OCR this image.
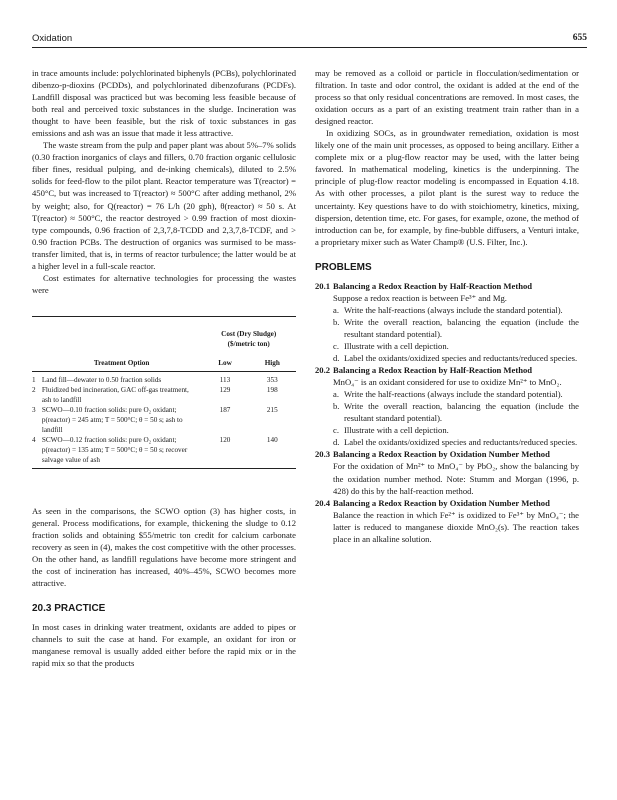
Oxidation	655

in trace amounts include: polychlorinated biphenyls (PCBs), polychlorinated dibenzo-p-dioxins (PCDDs), and polychlorinated dibenzofurans (PCDFs). Landfill disposal was practiced but was becoming less feasible because of both real and perceived toxic substances in the sludge. Incineration was thought to have been feasible, but the risk of toxic substances in gas emissions and ash was an issue that made it less attractive.

The waste stream from the pulp and paper plant was about 5%–7% solids (0.30 fraction inorganics of clays and fillers, 0.70 fraction organic cellulosic fiber fines, residual pulping, and de-inking chemicals), diluted to 2.5% solids for feed-flow to the pilot plant. Reactor temperature was T(reactor) = 450°C, but was increased to T(reactor) ≈ 500°C after adding methanol, 2% by weight; also, for Q(reactor) = 76 L/h (20 gph), θ(reactor) ≈ 50 s. At T(reactor) ≈ 500°C, the reactor destroyed > 0.99 fraction of most dioxin-type compounds, 0.96 fraction of 2,3,7,8-TCDD and 2,3,7,8-TCDF, and > 0.90 fraction PCBs. The destruction of organics was surmised to be mass-transfer limited, that is, in terms of reactor turbulence; the latter would be at a higher level in a full-scale reactor.

Cost estimates for alternative technologies for processing the wastes were

		Cost (Dry Sludge)	
		($/metric ton)	
	Treatment Option	Low	High
1	Land fill—dewater to 0.50 fraction solids	113	353
2	Fluidized bed incineration, GAC off-gas treatment, ash to landfill	129	198
3	SCWO—0.10 fraction solids: pure O₂ oxidant; p(reactor) = 245 atm; T = 500°C; θ = 50 s; ash to landfill	187	215
4	SCWO—0.12 fraction solids: pure O₂ oxidant; p(reactor) = 135 atm; T = 500°C; θ = 50 s; recover salvage value of ash	120	140

As seen in the comparisons, the SCWO option (3) has higher costs, in general. Process modifications, for example, thickening the sludge to 0.12 fraction solids and obtaining $55/metric ton credit for calcium carbonate recovery as seen in (4), makes the cost competitive with the other processes. On the other hand, as landfill regulations have become more stringent and the cost of incineration has increased, 40%–45%, SCWO becomes more attractive.

20.3 PRACTICE

In most cases in drinking water treatment, oxidants are added to pipes or channels to suit the case at hand. For example, an oxidant for iron or manganese removal is usually added either before the rapid mix or in the rapid mix so that the products

may be removed as a colloid or particle in flocculation/sedimentation or filtration. In taste and odor control, the oxidant is added at the end of the process so that only residual concentrations are removed. In most cases, the oxidation occurs as a part of an existing treatment train rather than in a designed reactor.

In oxidizing SOCs, as in groundwater remediation, oxidation is most likely one of the main unit processes, as opposed to being ancillary. Either a complete mix or a plug-flow reactor may be used, with the latter being favored. In mathematical modeling, kinetics is the underpinning. The principle of plug-flow reactor modeling is encompassed in Equation 4.18. As with other processes, a pilot plant is the surest way to reduce the uncertainty. Key questions have to do with stoichiometry, kinetics, mixing, dispersion, detention time, etc. For gases, for example, ozone, the method of introduction can be, for example, by fine-bubble diffusers, a Venturi intake, a proprietary mixer such as Water Champ® (U.S. Filter, Inc.).

PROBLEMS
20.1 Balancing a Redox Reaction by Half-Reaction Method

Suppose a redox reaction is between Fe³⁺ and Mg.

a. Write the half-reactions (always include the standard potential).
b. Write the overall reaction, balancing the equation (include the resultant standard potential).
c. Illustrate with a cell depiction.
d. Label the oxidants/oxidized species and reductants/reduced species.
20.2 Balancing a Redox Reaction by Half-Reaction Method

MnO₄⁻ is an oxidant considered for use to oxidize Mn²⁺ to MnO₂.

a. Write the half-reactions (always include the standard potential).
b. Write the overall reaction, balancing the equation (include the resultant standard potential).
c. Illustrate with a cell depiction.
d. Label the oxidants/oxidized species and reductants/reduced species.
20.3 Balancing a Redox Reaction by Oxidation Number Method

For the oxidation of Mn²⁺ to MnO₄⁻ by PbO₂, show the balancing by the oxidation number method. Note: Stumm and Morgan (1996, p. 428) do this by the half-reaction method.

20.4 Balancing a Redox Reaction by Oxidation Number Method

Balance the reaction in which Fe²⁺ is oxidized to Fe³⁺ by MnO₄⁻; the latter is reduced to manganese dioxide MnO₂(s). The reaction takes place in an alkaline solution.
